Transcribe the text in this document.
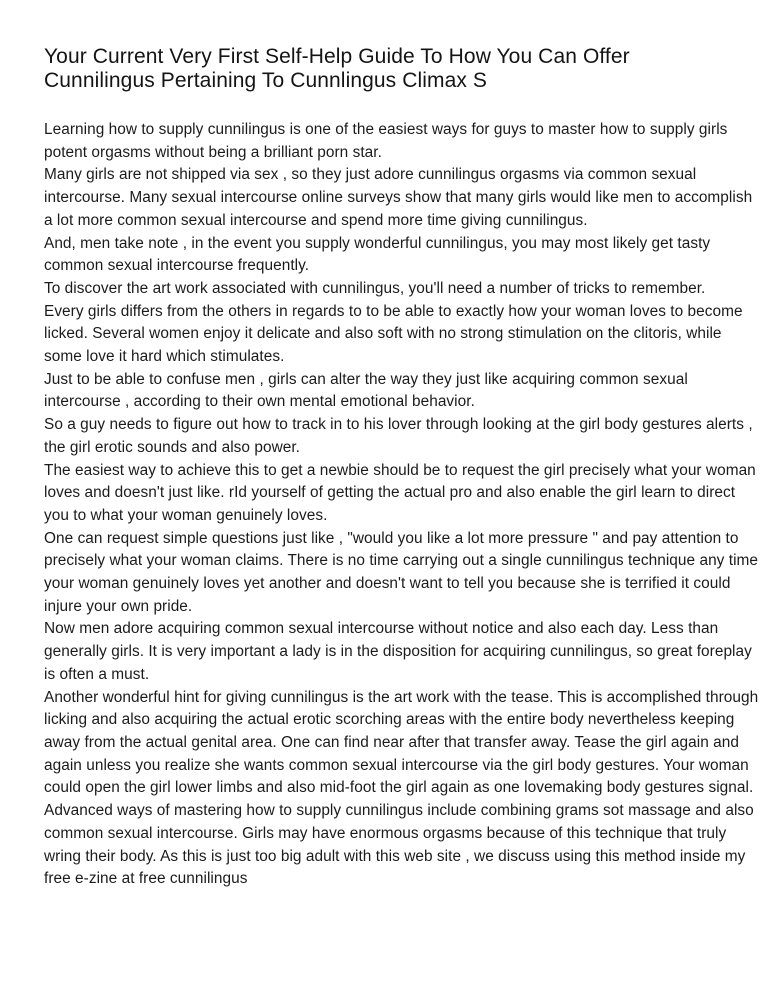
Your Current Very First Self-Help Guide To How You Can Offer Cunnilingus Pertaining To Cunnlingus Climax S

Learning how to supply cunnilingus is one of the easiest ways for guys to master how to supply girls potent orgasms without being a brilliant porn star.

Many girls are not shipped via sex , so they just adore cunnilingus orgasms via common sexual intercourse. Many sexual intercourse online surveys show that many girls would like men to accomplish a lot more common sexual intercourse and spend more time giving cunnilingus.

And, men take note , in the event you supply wonderful cunnilingus, you may most likely get tasty common sexual intercourse frequently.

To discover the art work associated with cunnilingus, you'll need a number of tricks to remember.

Every girls differs from the others in regards to to be able to exactly how your woman loves to become licked. Several women enjoy it delicate and also soft with no strong stimulation on the clitoris, while some love it hard which stimulates.

Just to be able to confuse men , girls can alter the way they just like acquiring common sexual intercourse , according to their own mental emotional behavior.

So a guy needs to figure out how to track in to his lover through looking at the girl body gestures alerts , the girl erotic sounds and also power.

The easiest way to achieve this to get a newbie should be to request the girl precisely what your woman loves and doesn't just like. rId yourself of getting the actual pro and also enable the girl learn to direct you to what your woman genuinely loves.

One can request simple questions just like , "would you like a lot more pressure " and pay attention to precisely what your woman claims. There is no time carrying out a single cunnilingus technique any time your woman genuinely loves yet another and doesn't want to tell you because she is terrified it could injure your own pride.

Now men adore acquiring common sexual intercourse without notice and also each day. Less than generally girls. It is very important a lady is in the disposition for acquiring cunnilingus, so great foreplay is often a must.

Another wonderful hint for giving cunnilingus is the art work with the tease. This is accomplished through licking and also acquiring the actual erotic scorching areas with the entire body nevertheless keeping away from the actual genital area. One can find near after that transfer away. Tease the girl again and again unless you realize she wants common sexual intercourse via the girl body gestures. Your woman could open the girl lower limbs and also mid-foot the girl again as one lovemaking body gestures signal.

Advanced ways of mastering how to supply cunnilingus include combining grams sot massage and also common sexual intercourse. Girls may have enormous orgasms because of this technique that truly wring their body. As this is just too big adult with this web site , we discuss using this method inside my free e-zine at free cunnilingus
